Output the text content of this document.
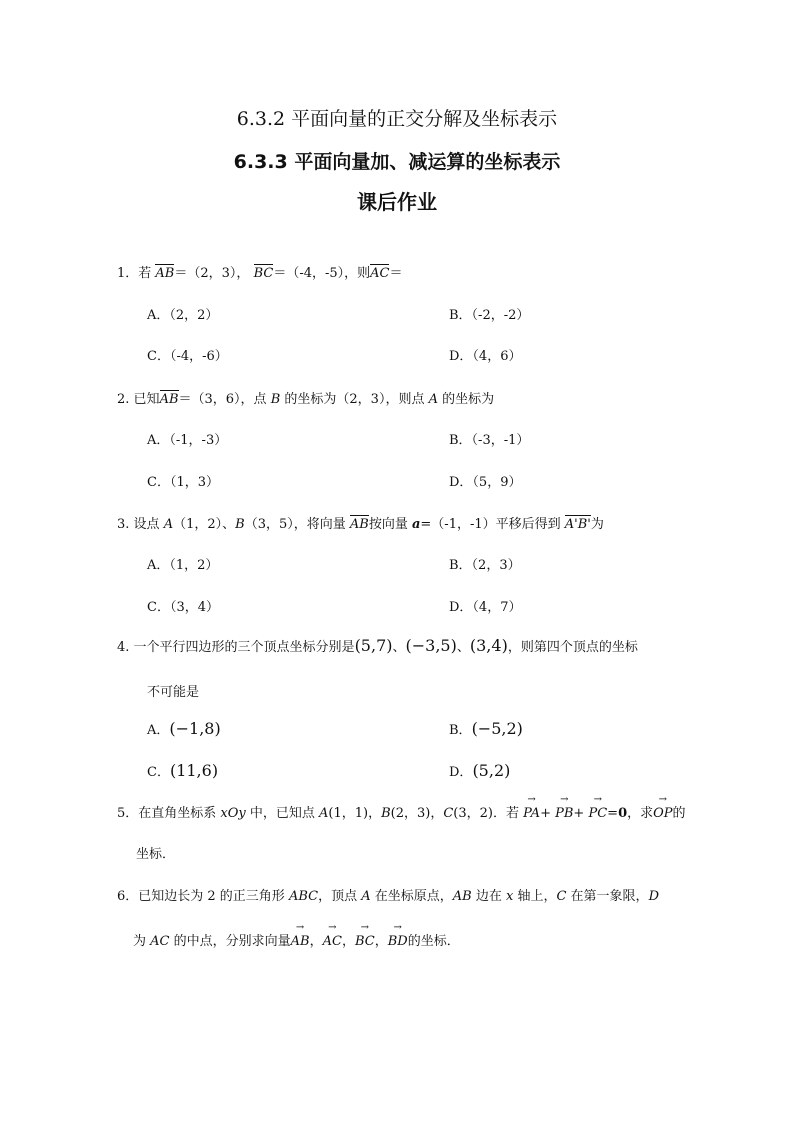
6.3.2 平面向量的正交分解及坐标表示
6.3.3 平面向量加、减运算的坐标表示
课后作业
1．若 AB＝（2，3）， BC＝（-4，-5），则AC＝
A．（2，2）	B．（-2，-2）
C．（-4，-6）	D．（4，6）
2. 已知AB＝（3，6），点 B 的坐标为（2，3），则点 A 的坐标为
A．（-1，-3）	B．（-3，-1）
C．（1，3）	D．（5，9）
3. 设点 A（1，2）、B（3，5），将向量 AB按向量 a=（-1，-1）平移后得到 A'B'为
A．（1，2）	B．（2，3）
C．（3，4）	D．（4，7）
4. 一个平行四边形的三个顶点坐标分别是(5,7)、(−3,5)、(3,4)，则第四个顶点的坐标
不可能是
A．(−1,8)	B．(−5,2)
C．(11,6)	D．(5,2)
5．在直角坐标系 xOy 中，已知点 A(1，1)，B(2，3)，C(3，2)．若 → PA+ → PB+ → PC=0，求→ OP的
坐标．
6．已知边长为 2 的正三角形 ABC，顶点 A 在坐标原点，AB 边在 x 轴上，C 在第一象限，D
为 AC 的中点，分别求向量→ AB，→ AC，→ BC，→ BD的坐标．
